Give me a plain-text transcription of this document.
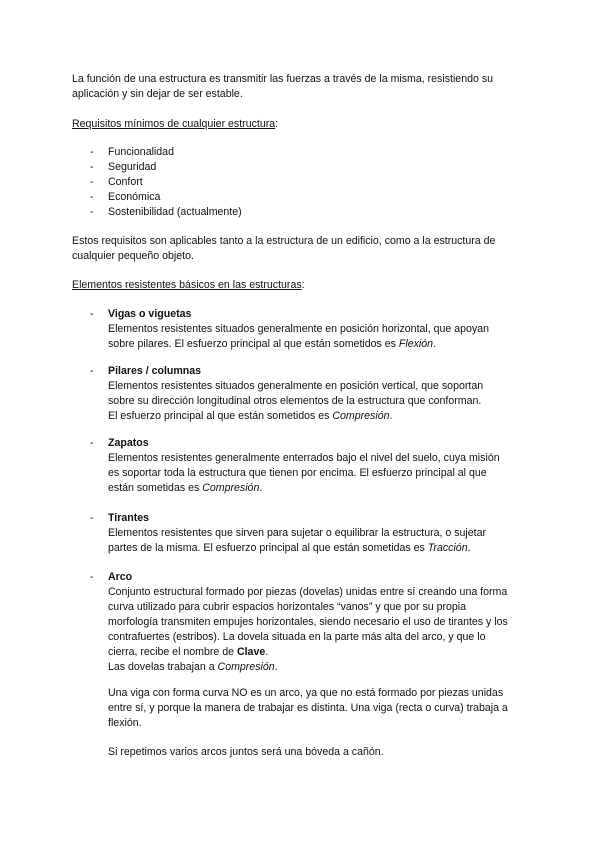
La función de una estructura es transmitir las fuerzas a través de la misma, resistiendo su
aplicación y sin dejar de ser estable.
Requisitos mínimos de cualquier estructura:
- Funcionalidad
- Seguridad
- Confort
- Económica
- Sostenibilidad (actualmente)
Estos requisitos son aplicables tanto a la estructura de un edificio, como a la estructura de
cualquier pequeño objeto.
Elementos resistentes básicos en las estructuras:
- Vigas o viguetas
Elementos resistentes situados generalmente en posición horizontal, que apoyan
sobre pilares. El esfuerzo principal al que están sometidos es Flexión.
- Pilares / columnas
Elementos resistentes situados generalmente en posición vertical, que soportan
sobre su dirección longitudinal otros elementos de la estructura que conforman.
El esfuerzo principal al que están sometidos es Compresión.
- Zapatos
Elementos resistentes generalmente enterrados bajo el nivel del suelo, cuya misión
es soportar toda la estructura que tienen por encima. El esfuerzo principal al que
están sometidas es Compresión.
- Tirantes
Elementos resistentes que sirven para sujetar o equilibrar la estructura, o sujetar
partes de la misma. El esfuerzo principal al que están sometidas es Tracción.
- Arco
Conjunto estructural formado por piezas (dovelas) unidas entre sí creando una forma
curva utilizado para cubrir espacios horizontales “vanos” y que por su propia
morfología transmiten empujes horizontales, siendo necesario el uso de tirantes y los
contrafuertes (estribos). La dovela situada en la parte más alta del arco, y que lo
cierra, recibe el nombre de Clave.
Las dovelas trabajan a Compresión.
Una viga con forma curva NO es un arco, ya que no está formado por piezas unidas
entre sí, y porque la manera de trabajar es distinta. Una viga (recta o curva) trabaja a
flexión.
Si repetimos varios arcos juntos será una bóveda a cañón.
